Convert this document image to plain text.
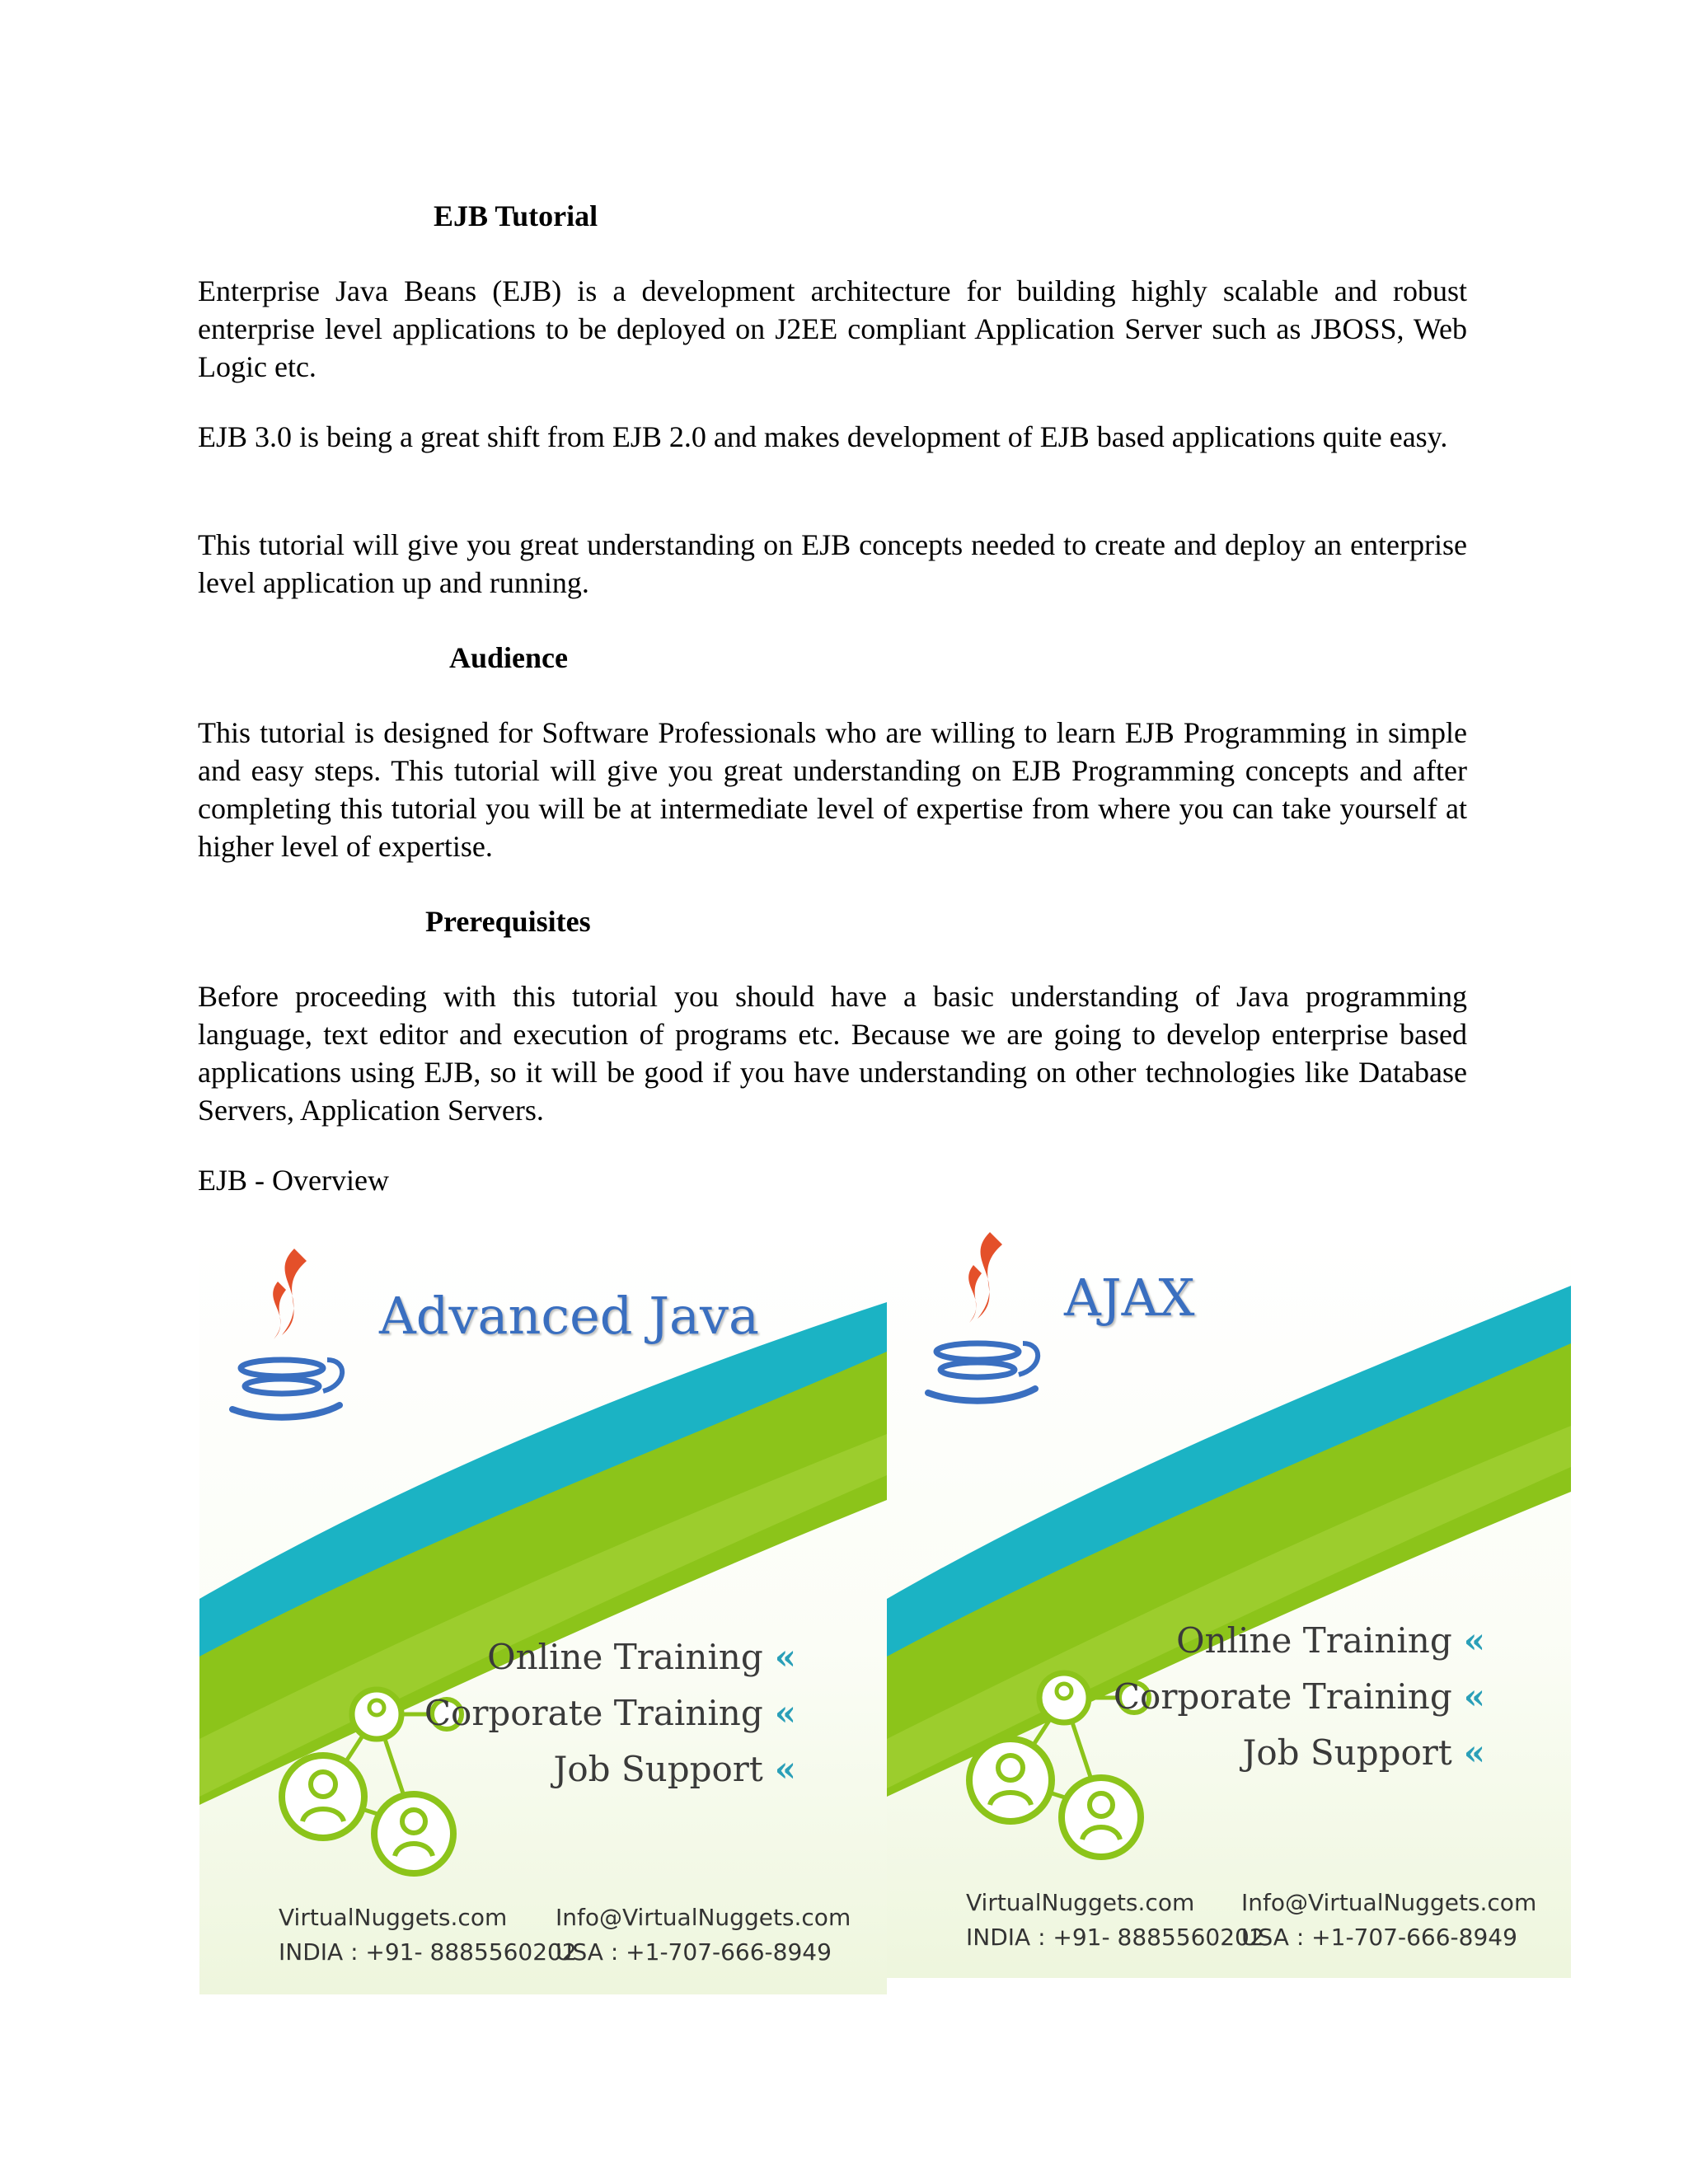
EJB Tutorial

Enterprise Java Beans (EJB) is a development architecture for building highly scalable and robust enterprise level applications to be deployed on J2EE compliant Application Server such as JBOSS, Web Logic etc.

EJB 3.0 is being a great shift from EJB 2.0 and makes development of EJB based applications quite easy.

This tutorial will give you great understanding on EJB concepts needed to create and deploy an enterprise level application up and running.

Audience

This tutorial is designed for Software Professionals who are willing to learn EJB Programming in simple and easy steps. This tutorial will give you great understanding on EJB Programming concepts and after completing this tutorial you will be at intermediate level of expertise from where you can take yourself at higher level of expertise.

Prerequisites

Before proceeding with this tutorial you should have a basic understanding of Java programming language, text editor and execution of programs etc. Because we are going to develop enterprise based applications using EJB, so it will be good if you have understanding on other technologies like Database Servers, Application Servers.

EJB - Overview

Advanced Java
Online Training «
Corporate Training «
Job Support «
VirtualNuggets.com Info@VirtualNuggets.com
INDIA : +91- 8885560202
USA : +1-707-666-8949
AJAX
Online Training «
Corporate Training «
Job Support «
VirtualNuggets.com Info@VirtualNuggets.com
INDIA : +91- 8885560202
USA : +1-707-666-8949
